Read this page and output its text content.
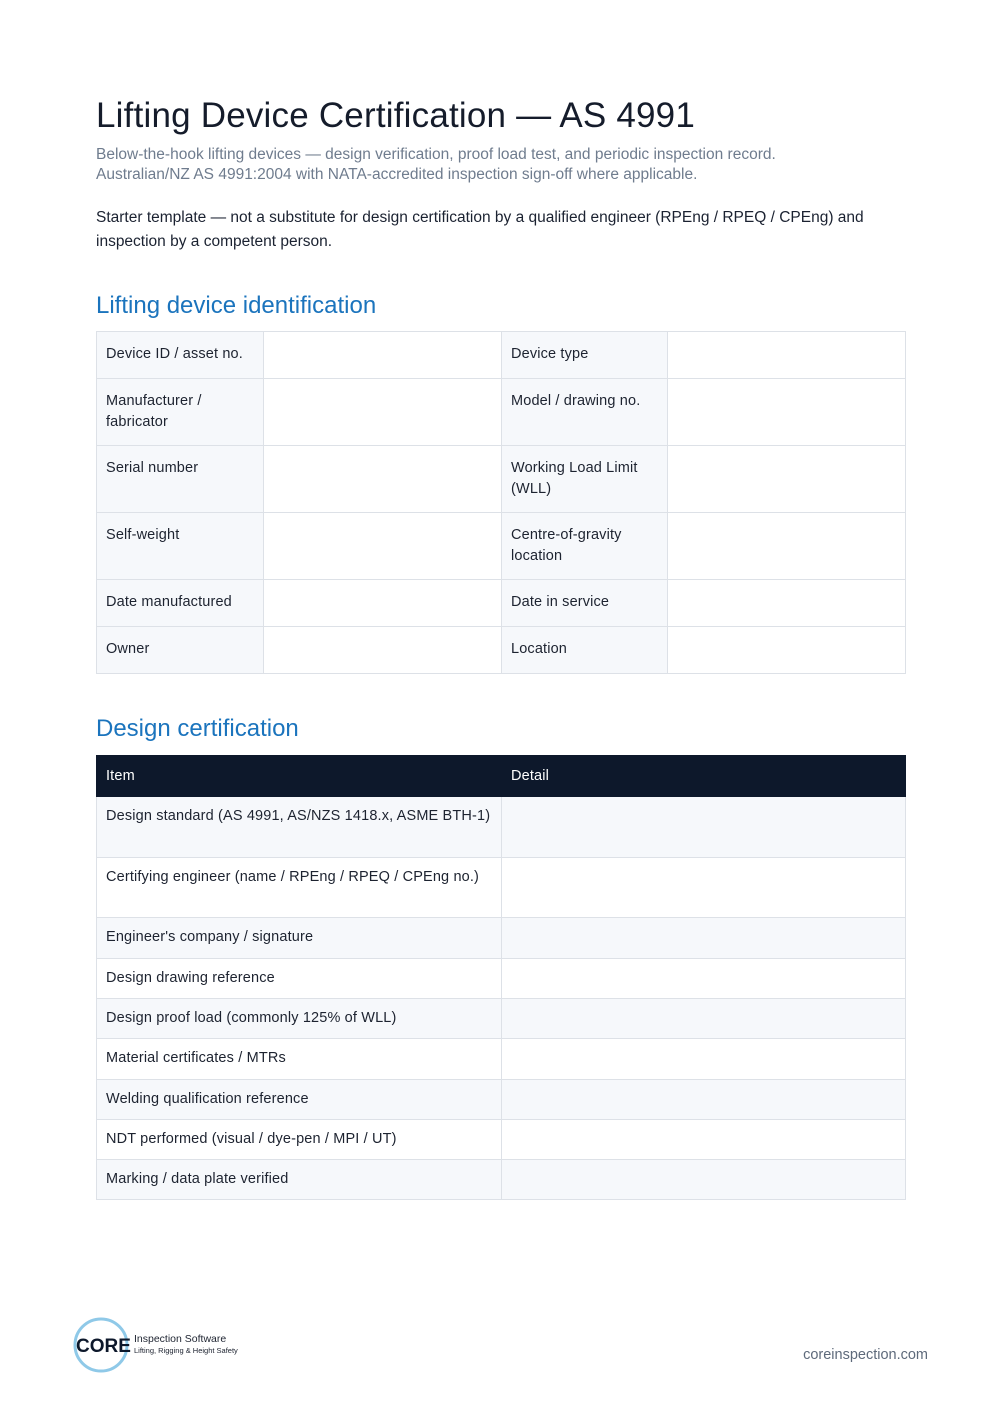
Lifting Device Certification — AS 4991
Below-the-hook lifting devices — design verification, proof load test, and periodic inspection record.
Australian/NZ AS 4991:2004 with NATA-accredited inspection sign-off where applicable.
Starter template — not a substitute for design certification by a qualified engineer (RPEng / RPEQ / CPEng) and inspection by a competent person.
Lifting device identification
Device ID / asset no.		Device type	
Manufacturer / fabricator		Model / drawing no.	
Serial number		Working Load Limit (WLL)	
Self-weight		Centre-of-gravity location	
Date manufactured		Date in service	
Owner		Location	
Design certification
Item	Detail
Design standard (AS 4991, AS/NZS 1418.x, ASME BTH-1)	
Certifying engineer (name / RPEng / RPEQ / CPEng no.)	
Engineer's company / signature	
Design drawing reference	
Design proof load (commonly 125% of WLL)	
Material certificates / MTRs	
Welding qualification reference	
NDT performed (visual / dye-pen / MPI / UT)	
Marking / data plate verified	
CORE Inspection Software
Lifting, Rigging & Height Safety	coreinspection.com
